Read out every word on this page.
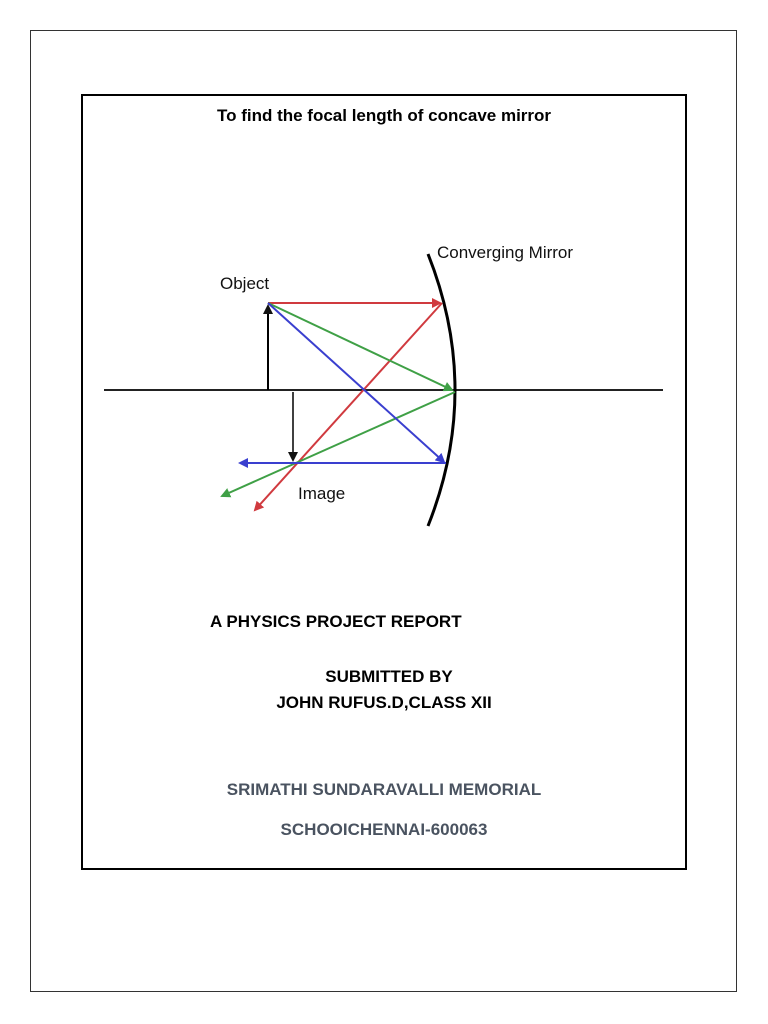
To find the focal length of concave mirror
Converging Mirror
Object
Image
A PHYSICS PROJECT REPORT
SUBMITTED BY
JOHN RUFUS.D,CLASS XII
SRIMATHI SUNDARAVALLI MEMORIAL
SCHOOICHENNAI-600063
